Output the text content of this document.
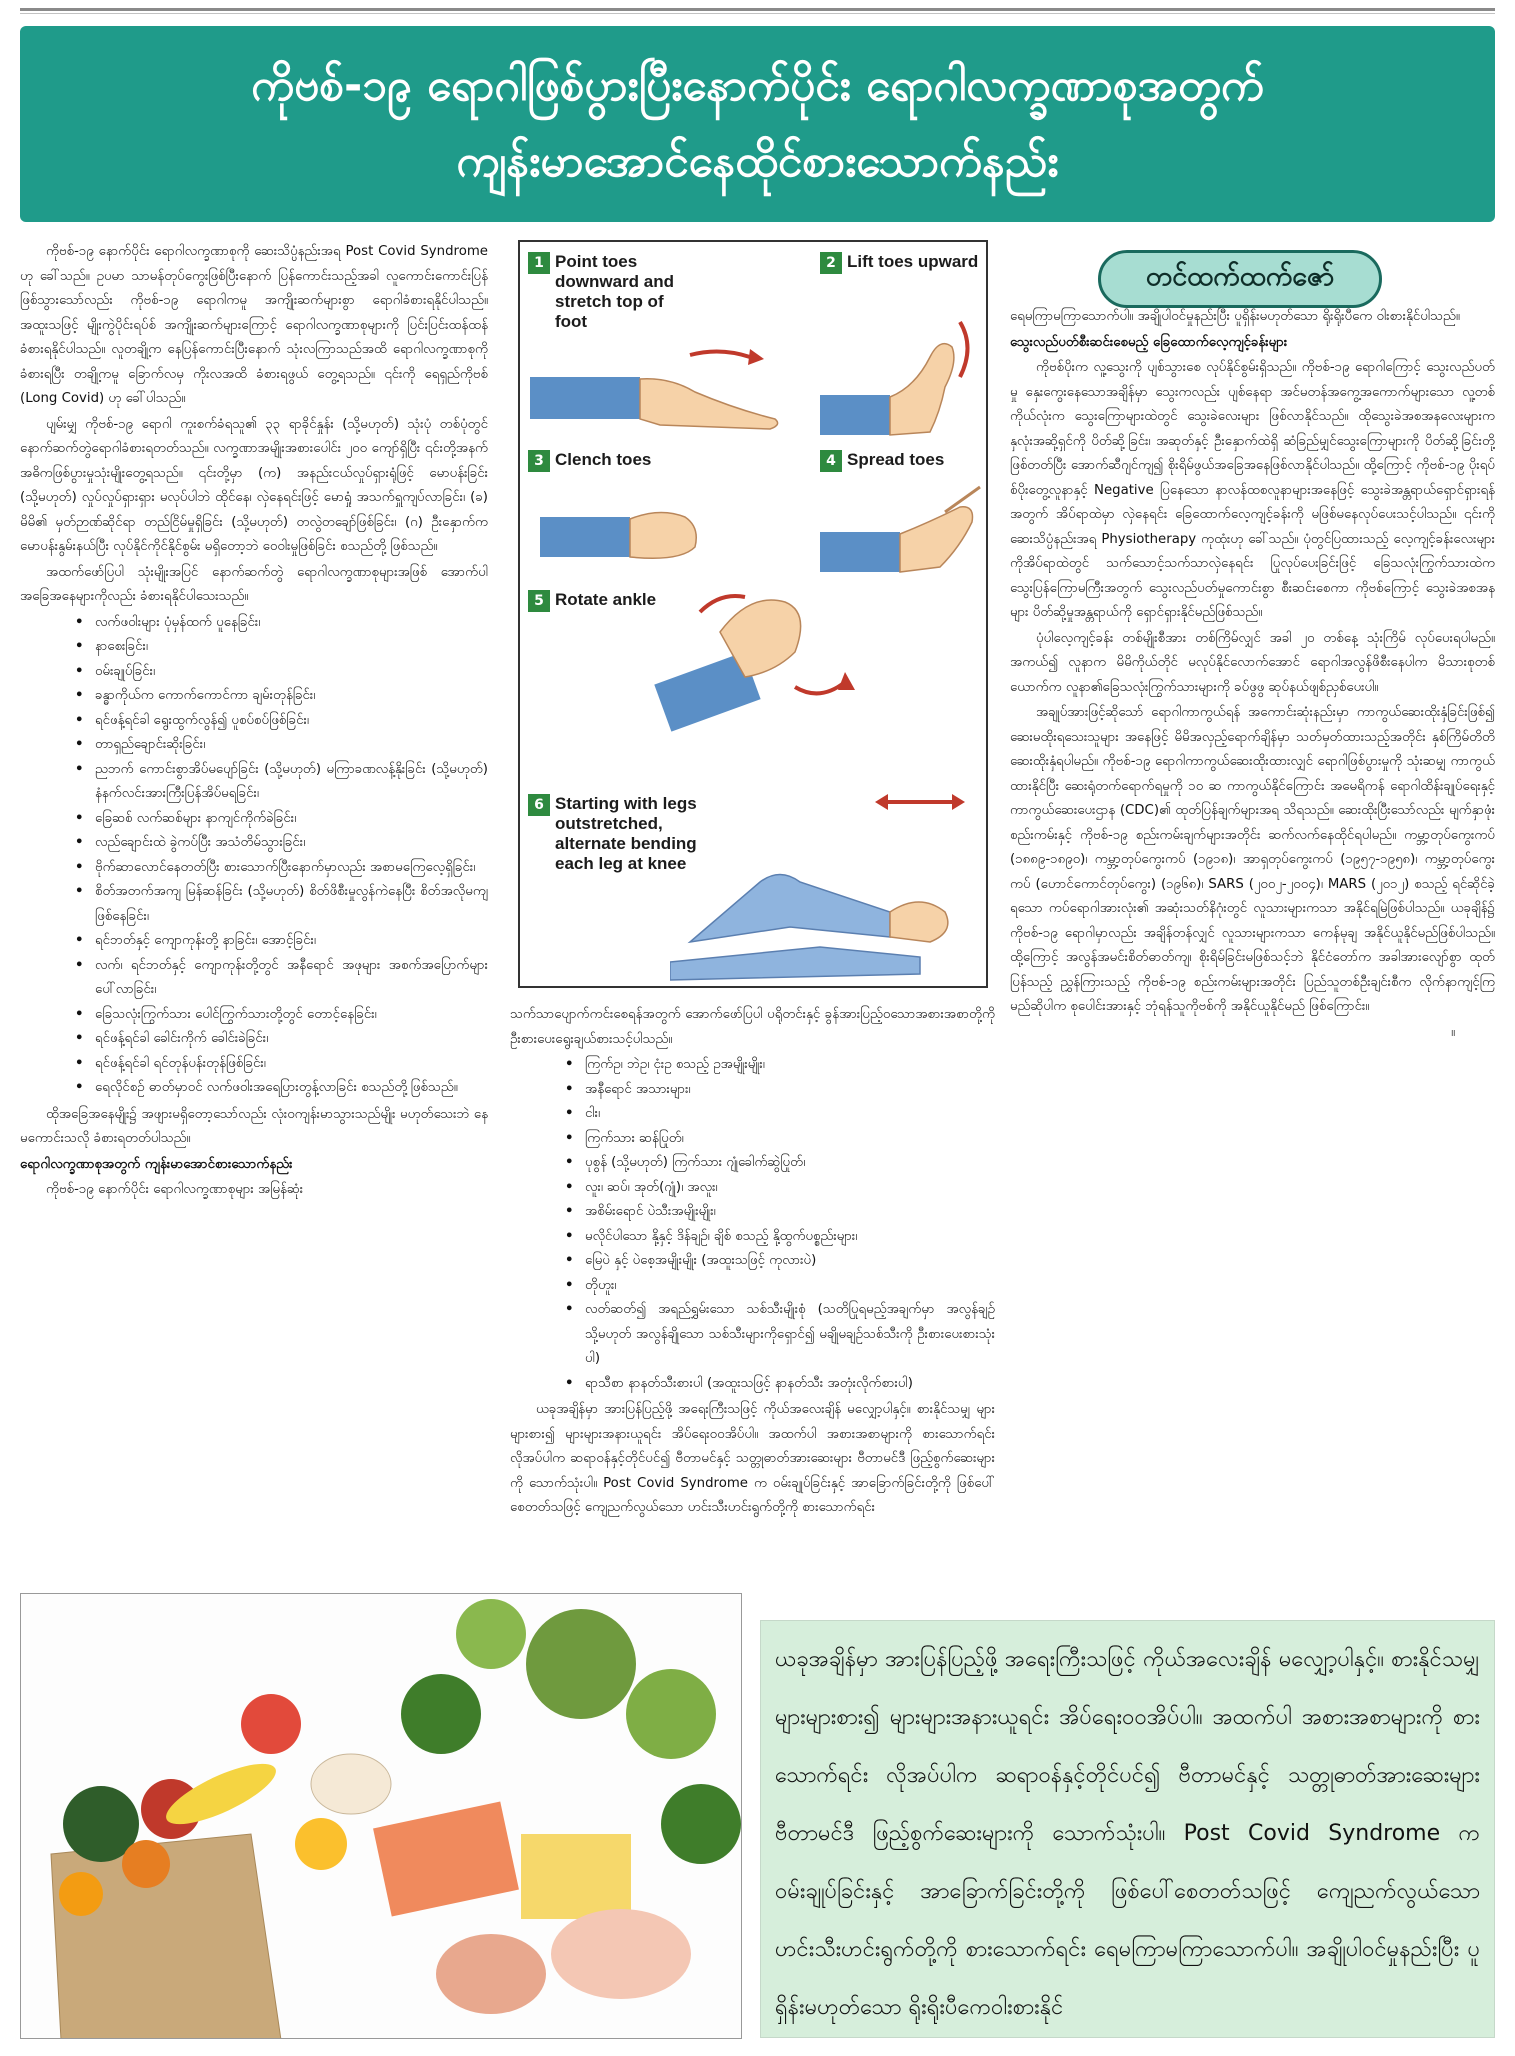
ကိုဗစ်-၁၉ ရောဂါဖြစ်ပွားပြီးနောက်ပိုင်း ရောဂါလက္ခဏာစုအတွက်
ကျန်းမာအောင်နေထိုင်စားသောက်နည်း

ကိုဗစ်-၁၉ နောက်ပိုင်း ရောဂါလက္ခဏာစုကို ဆေးသိပ္ပံနည်းအရ Post Covid Syndrome ဟု ခေါ်သည်။ ဥပမာ သာမန်တုပ်ကွေးဖြစ်ပြီးနောက် ပြန်ကောင်းသည့်အခါ လူကောင်းကောင်းပြန်ဖြစ်သွားသော်လည်း ကိုဗစ်-၁၉ ရောဂါကမူ အကျိုးဆက်များစွာ ရောဂါခံစားရနိုင်ပါသည်။ အထူးသဖြင့် မျိုးကွဲပိုင်းရပ်စ် အကျိုးဆက်များကြောင့် ရောဂါလက္ခဏာစုများကို ပြင်းပြင်းထန်ထန် ခံစားရနိုင်ပါသည်။ လူတချို့က နေပြန်ကောင်းပြီးနောက် သုံးလကြာသည်အထိ ရောဂါလက္ခဏာစုကို ခံစားရပြီး တချို့ကမူ ခြောက်လမှ ကိုးလအထိ ခံစားရဖွယ် တွေ့ရသည်။ ၎င်းကို ရေရှည်ကိုဗစ် (Long Covid) ဟု ခေါ်ပါသည်။

ပျမ်းမျှ ကိုဗစ်-၁၉ ရောဂါ ကူးစက်ခံရသူ၏ ၃၃ ရာခိုင်နှုန်း (သို့မဟုတ်) သုံးပုံ တစ်ပုံတွင် နောက်ဆက်တွဲရောဂါခံစားရတတ်သည်။ လက္ခဏာအမျိုးအစားပေါင်း ၂၀၀ ကျော်ရှိပြီး ၎င်းတို့အနက် အဓိကဖြစ်ပွားမှုသုံးမျိုးတွေ့ရသည်။ ၎င်းတို့မှာ (က) အနည်းငယ်လှုပ်ရှားရုံဖြင့် မောပန်းခြင်း (သို့မဟုတ်) လှုပ်လှုပ်ရှားရှား မလုပ်ပါဘဲ ထိုင်နေ၊ လှဲနေရင်းဖြင့် မောရှုံ အသက်ရှူကျပ်လာခြင်း၊ (ခ) မိမိ၏ မှတ်ဉာဏ်ဆိုင်ရာ တည်ငြိမ်မှုရှိခြင်း (သို့မဟုတ်) တလွဲတချော်ဖြစ်ခြင်း၊ (ဂ) ဦးနှောက်က မောပန်းနွမ်းနယ်ပြီး လုပ်နိုင်ကိုင်နိုင်စွမ်း မရှိတော့ဘဲ ဝေဝါးမှုဖြစ်ခြင်း စသည်တို့ ဖြစ်သည်။

အထက်ဖော်ပြပါ သုံးမျိုးအပြင် နောက်ဆက်တွဲ ရောဂါလက္ခဏာစုများအဖြစ် အောက်ပါအခြေအနေများကိုလည်း ခံစားရနိုင်ပါသေးသည်။

• လက်ဖဝါးများ ပုံမှန်ထက် ပူနေခြင်း၊
• နာစေးခြင်း၊
• ဝမ်းချုပ်ခြင်း၊
• ခန္ဓာကိုယ်က ကောက်ကောင်ကာ ချမ်းတုန်ခြင်း၊
• ရင်ဖန့်ရင်ခါ ရွေးထွက်လွန်၍ ပူစပ်စပ်ဖြစ်ခြင်း၊
• တာရှည်ချောင်းဆိုးခြင်း၊
• ညဘက် ကောင်းစွာအိပ်မပျော်ခြင်း (သို့မဟုတ်) မကြာခဏလန့်နိုးခြင်း (သို့မဟုတ်) နံနက်လင်းအားကြီးပြန်အိပ်မရခြင်း၊
• ခြေဆစ် လက်ဆစ်များ နာကျင်ကိုက်ခဲခြင်း၊
• လည်ချောင်းထဲ ခွဲကပ်ပြီး အသံတိမ်သွားခြင်း၊
• ဗိုက်ဆာလောင်နေတတ်ပြီး စားသောက်ပြီးနောက်မှာလည်း အစာမကြေလေ့ရှိခြင်း၊
• စိတ်အတက်အကျ မြန်ဆန်ခြင်း (သို့မဟုတ်) စိတ်ဖိစီးမှုလွန်ကဲနေပြီး စိတ်အလိုမကျ ဖြစ်နေခြင်း၊
• ရင်ဘတ်နှင့် ကျောကုန်းတို့ နာခြင်း၊ အောင့်ခြင်း၊
• လက်၊ ရင်ဘတ်နှင့် ကျောကုန်းတို့တွင် အနီရောင် အဖုများ အစက်အပြောက်များ ပေါ်လာခြင်း၊
• ခြေသလုံးကြွက်သား ပေါင်ကြွက်သားတို့တွင် တောင့်နေခြင်း၊
• ရင်ဖန့်ရင်ခါ ခေါင်းကိုက် ခေါင်းခဲခြင်း၊
• ရင်ဖန့်ရင်ခါ ရင်တုန်ပန်းတုန်ဖြစ်ခြင်း၊
• ရေလိုင်စဉ် ဓာတ်မှာဝင် လက်ဖဝါးအရေပြားတွန့်လာခြင်း စသည်တို့ဖြစ်သည်။

ထိုအခြေအနေမျိုး၌ အဖျားမရှိတော့သော်လည်း လုံးဝကျန်းမာသွားသည်မျိုး မဟုတ်သေးဘဲ နေမကောင်းသလို ခံစားရတတ်ပါသည်။

ရောဂါလက္ခဏာစုအတွက် ကျန်းမာအောင်စားသောက်နည်း

ကိုဗစ်-၁၉ နောက်ပိုင်း ရောဂါလက္ခဏာစုများ အမြန်ဆုံး

1 Point toes downward and stretch top of foot
2 Lift toes upward
3 Clench toes	4 Spread toes
5 Rotate ankle
6 Starting with legs outstretched, alternate bending each leg at knee

သက်သာပျောက်ကင်းစေရန်အတွက် အောက်ဖော်ပြပါ ပရိုတင်းနှင့် ခွန်အားပြည့်ဝသောအစားအစာတို့ကို ဦးစားပေးရွေးချယ်စားသင့်ပါသည်။

• ကြက်ဥ၊ ဘဲဥ၊ ငုံးဥ စသည့် ဥအမျိုးမျိုး၊
• အနီရောင် အသားများ၊
• ငါး၊
• ကြက်သား ဆန်ပြုတ်၊
• ပုစွန် (သို့မဟုတ်) ကြက်သား ဂျုံခေါက်ဆွဲပြုတ်၊
• လူး၊ ဆပ်၊ အုတ်(ဂျုံ)၊ အလူး၊
• အစိမ်းရောင် ပဲသီးအမျိုးမျိုး၊
• မလိုင်ပါသော နို့နှင့် ဒိန်ချဉ်၊ ချိစ် စသည့် နို့ထွက်ပစ္စည်းများ၊
• မြေပဲ နှင့် ပဲစေ့အမျိုးမျိုး (အထူးသဖြင့် ကုလားပဲ)
• တိုဟူး၊
• လတ်ဆတ်၍ အရည်ရွှမ်းသော သစ်သီးမျိုးစုံ (သတိပြုရမည့်အချက်မှာ အလွန်ချဉ် သို့မဟုတ် အလွန်ချိုသော သစ်သီးများကိုရှောင်၍ မချိုမချဉ်သစ်သီးကို ဦးစားပေးစားသုံးပါ)
• ရာသီစာ နာနတ်သီးစားပါ (အထူးသဖြင့် နာနတ်သီး အတုံးလိုက်စားပါ)

ယခုအချိန်မှာ အားပြန်ပြည့်ဖို့ အရေးကြီးသဖြင့် ကိုယ်အလေးချိန် မလျှော့ပါနှင့်။ စားနိုင်သမျှ များများစား၍ များများအနားယူရင်း အိပ်ရေးဝဝအိပ်ပါ။ အထက်ပါ အစားအစာများကို စားသောက်ရင်း လိုအပ်ပါက ဆရာဝန်နှင့်တိုင်ပင်၍ ဗီတာမင်နှင့် သတ္တုဓာတ်အားဆေးများ ဗီတာမင်ဒီ ဖြည့်စွက်ဆေးများကို သောက်သုံးပါ။ Post Covid Syndrome က ဝမ်းချုပ်ခြင်းနှင့် အာခြောက်ခြင်းတို့ကို ဖြစ်ပေါ်စေတတ်သဖြင့် ကျေညက်လွယ်သော ဟင်းသီးဟင်းရွက်တို့ကို စားသောက်ရင်း

တင်ထက်ထက်ဇော်

ရေမကြာမကြာသောက်ပါ။ အချိုပါဝင်မှုနည်းပြီး ပူရှိန်းမဟုတ်သော ရိုးရိုးပီကေ ဝါးစားနိုင်ပါသည်။

သွေးလည်ပတ်စီးဆင်းစေမည့် ခြေထောက်လေ့ကျင့်ခန်းများ

ကိုဗစ်ပိုးက လူ့သွေးကို ပျစ်သွားစေ လုပ်နိုင်စွမ်းရှိသည်။ ကိုဗစ်-၁၉ ရောဂါကြောင့် သွေးလည်ပတ်မှု နှေးကွေးနေသောအချိန်မှာ သွေးကလည်း ပျစ်နေရာ အင်မတန်အကွေ့အကောက်များသော လူ့တစ်ကိုယ်လုံးက သွေးကြောများထဲတွင် သွေးခဲလေးများ ဖြစ်လာနိုင်သည်။ ထိုသွေးခဲအစအနလေးများက နှလုံးအဆို့ရှင်ကို ပိတ်ဆို့ခြင်း၊ အဆုတ်နှင့် ဦးနှောက်ထဲရှိ ဆံခြည်မျှင်သွေးကြောများကို ပိတ်ဆို့ခြင်းတို့ဖြစ်တတ်ပြီး အောက်ဆီဂျင်ကျ၍ စိုးရိမ်ဖွယ်အခြေအနေဖြစ်လာနိုင်ပါသည်။ ထို့ကြောင့် ကိုဗစ်-၁၉ ပိုးရပ်စ်ပိုးတွေ့လူနာနှင့် Negative ပြနေသော နာလန်ထစလူနာများအနေဖြင့် သွေးခဲအန္တရာယ်ရှောင်ရှားရန်အတွက် အိပ်ရာထဲမှာ လှဲနေရင်း ခြေထောက်လေ့ကျင့်ခန်းကို မဖြစ်မနေလုပ်ပေးသင့်ပါသည်။ ၎င်းကို ဆေးသိပ္ပံနည်းအရ Physiotherapy ကုထုံးဟု ခေါ်သည်။ ပုံတွင်ပြထားသည့် လေ့ကျင့်ခန်းလေးများကိုအိပ်ရာထဲတွင် သက်သောင့်သက်သာလှဲနေရင်း ပြုလုပ်ပေးခြင်းဖြင့် ခြေသလုံးကြွက်သားထဲက သွေးပြန်ကြောမကြီးအတွက် သွေးလည်ပတ်မှုကောင်းစွာ စီးဆင်းစေကာ ကိုဗစ်ကြောင့် သွေးခဲအစအနများ ပိတ်ဆို့မှုအန္တရာယ်ကို ရှောင်ရှားနိုင်မည်ဖြစ်သည်။

ပုံပါလေ့ကျင့်ခန်း တစ်မျိုးစီအား တစ်ကြိမ်လျှင် အခါ ၂၀ တစ်နေ့ သုံးကြိမ် လုပ်ပေးရပါမည်။ အကယ်၍ လူနာက မိမိကိုယ်တိုင် မလုပ်နိုင်လောက်အောင် ရောဂါအလွန်ဖိစီးနေပါက မိသားစုတစ်ယောက်က လူနာ၏ခြေသလုံးကြွက်သားများကို ခပ်ဖွဖွ ဆုပ်နယ်ဖျစ်ညှစ်ပေးပါ။

အချုပ်အားဖြင့်ဆိုသော် ရောဂါကာကွယ်ရန် အကောင်းဆုံးနည်းမှာ ကာကွယ်ဆေးထိုးနှံခြင်းဖြစ်၍ ဆေးမထိုးရသေးသူများ အနေဖြင့် မိမိအလှည့်ရောက်ချိန်မှာ သတ်မှတ်ထားသည့်အတိုင်း နှစ်ကြိမ်တိတိ ဆေးထိုးနှံရပါမည်။ ကိုဗစ်-၁၉ ရောဂါကာကွယ်ဆေးထိုးထားလျှင် ရောဂါဖြစ်ပွားမှုကို သုံးဆမျှ ကာကွယ်ထားနိုင်ပြီး ဆေးရုံတက်ရောက်ရမှုကို ၁၀ ဆ ကာကွယ်နိုင်ကြောင်း အမေရိကန် ရောဂါထိန်းချုပ်ရေးနှင့် ကာကွယ်ဆေးပေးဌာန (CDC)၏ ထုတ်ပြန်ချက်များအရ သိရသည်။ ဆေးထိုးပြီးသော်လည်း မျက်နှာဖုံးစည်းကမ်းနှင့် ကိုဗစ်-၁၉ စည်းကမ်းချက်များအတိုင်း ဆက်လက်နေထိုင်ရပါမည်။ ကမ္ဘာ့တုပ်ကွေးကပ် (၁၈၈၉-၁၈၉၀)၊ ကမ္ဘာ့တုပ်ကွေးကပ် (၁၉၁၈)၊ အာရှတုပ်ကွေးကပ် (၁၉၅၇-၁၉၅၈)၊ ကမ္ဘာ့တုပ်ကွေးကပ် (ဟောင်ကောင်တုပ်ကွေး) (၁၉၆၈)၊ SARS (၂၀၀၂-၂၀၀၄)၊ MARS (၂၀၁၂) စသည့် ရင်ဆိုင်ခဲ့ရသော ကပ်ရောဂါအားလုံး၏ အဆုံးသတ်နိဂုံးတွင် လူသားများကသာ အနိုင်ရမြဲဖြစ်ပါသည်။ ယခုချိန်၌ ကိုဗစ်-၁၉ ရောဂါမှာလည်း အချိန်တန်လျှင် လူသားများကသာ ကေန်မုချ အနိုင်ယူနိုင်မည်ဖြစ်ပါသည်။ ထို့ကြောင့် အလွန်အမင်းစိတ်ဓာတ်ကျ၊ စိုးရိမ်ခြင်းမဖြစ်သင့်ဘဲ နိုင်ငံတော်က အခါအားလျော်စွာ ထုတ်ပြန်သည့် ညွှန်ကြားသည့် ကိုဗစ်-၁၉ စည်းကမ်းများအတိုင်း ပြည်သူတစ်ဦးချင်းစီက လိုက်နာကျင့်ကြမည်ဆိုပါက စုပေါင်းအားနှင့် ဘုံရန်သူကိုဗစ်ကို အနိုင်ယူနိုင်မည် ဖြစ်ကြောင်း။

။

ယခုအချိန်မှာ အားပြန်ပြည့်ဖို့ အရေးကြီးသဖြင့် ကိုယ်အလေးချိန် မလျှော့ပါနှင့်။ စားနိုင်သမျှများများစား၍ များများအနားယူရင်း အိပ်ရေးဝဝအိပ်ပါ။ အထက်ပါ အစားအစာများကို စားသောက်ရင်း လိုအပ်ပါက ဆရာဝန်နှင့်တိုင်ပင်၍ ဗီတာမင်နှင့် သတ္တုဓာတ်အားဆေးများ ဗီတာမင်ဒီ ဖြည့်စွက်ဆေးများကို သောက်သုံးပါ။ Post Covid Syndrome က ဝမ်းချုပ်ခြင်းနှင့် အာခြောက်ခြင်းတို့ကို ဖြစ်ပေါ်စေတတ်သဖြင့် ကျေညက်လွယ်သော ဟင်းသီးဟင်းရွက်တို့ကို စားသောက်ရင်း ရေမကြာမကြာသောက်ပါ။ အချိုပါဝင်မှုနည်းပြီး ပူရှိန်းမဟုတ်သော ရိုးရိုးပီကေဝါးစားနိုင်
